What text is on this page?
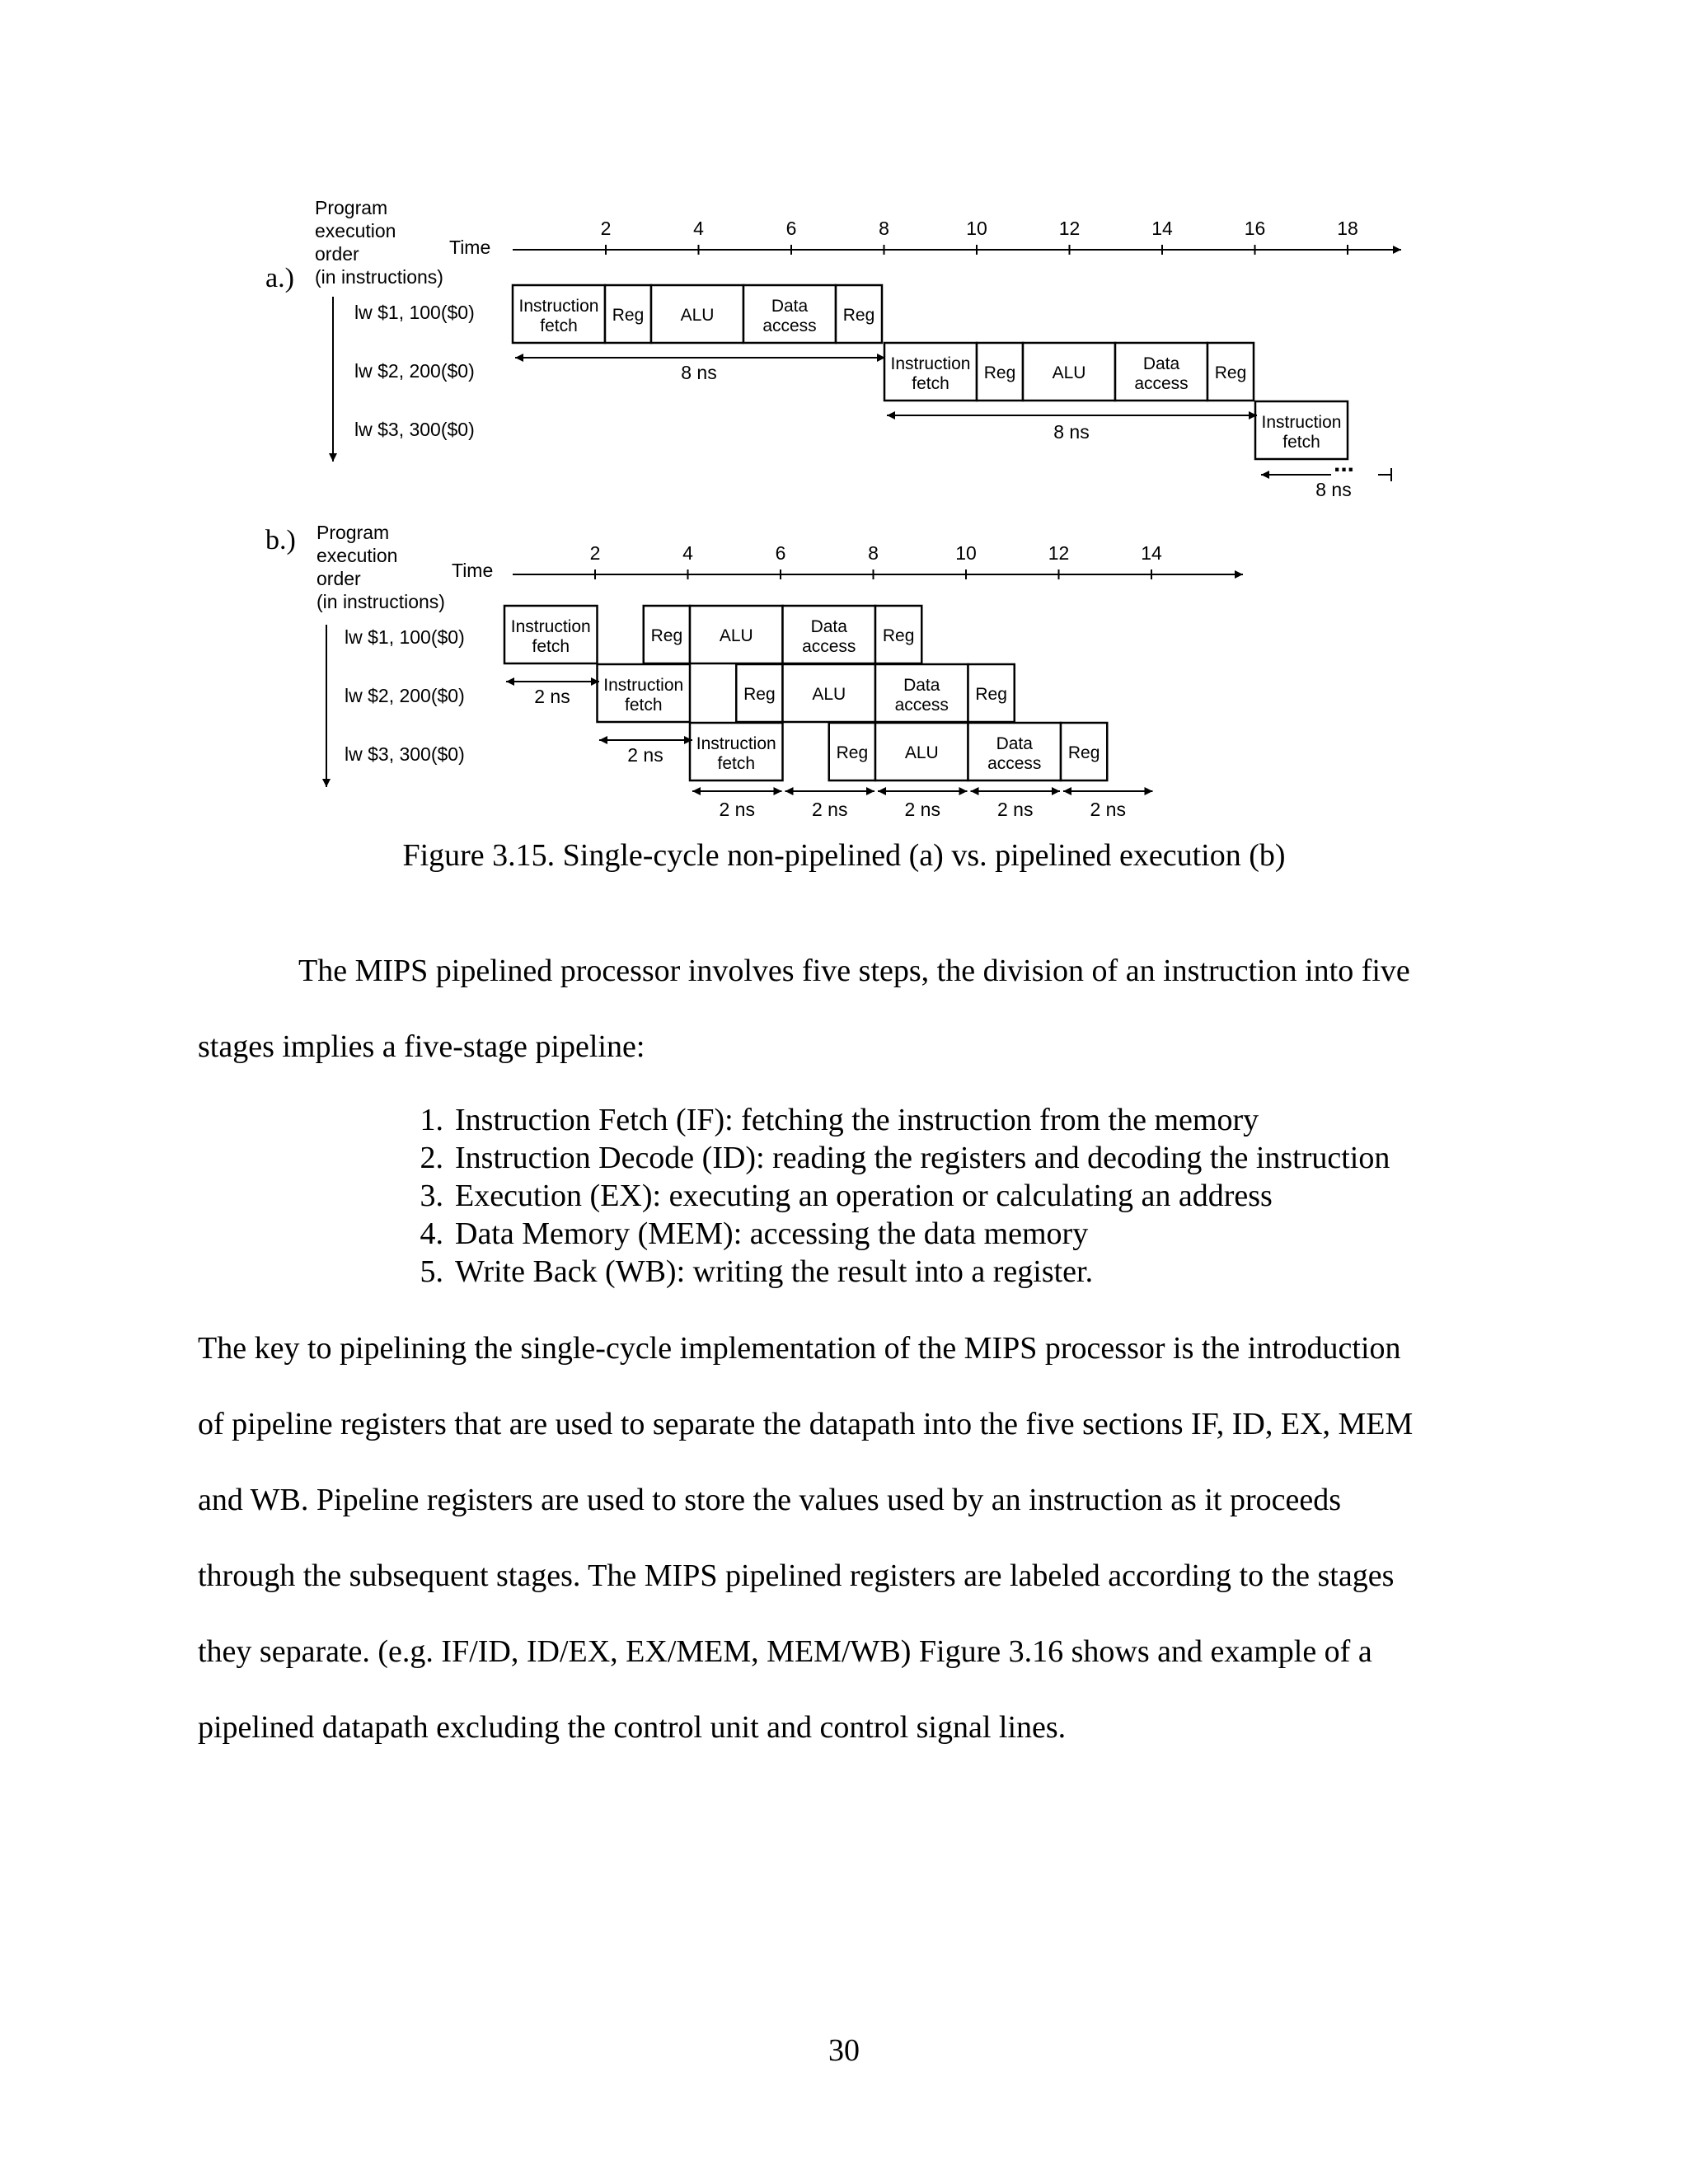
a.)
Program
execution
order
(in instructions)
Time
2	4	6	8	10	12	14	16	18
lw $1, 100($0)
lw $2, 200($0)
lw $3, 300($0)
Instruction
fetch
Reg ALU	Data
access
Reg
Instruction
fetch
Reg ALU	Data
access
Reg
Instruction
fetch
8 ns
8 ns
...
8 ns
b.) Program
execution
order
(in instructions)
Time
2	4	6	8	10	12	14
lw $1, 100($0)
lw $2, 200($0)
lw $3, 300($0)
Instruction
fetch
Reg ALU	Data
access
Reg
Instruction
fetch
Reg ALU	Data
access
Reg
Instruction
fetch
Reg ALU	Data
access
Reg
2 ns
2 ns
2 ns	2 ns	2 ns	2 ns	2 ns
Figure 3.15. Single-cycle non-pipelined (a) vs. pipelined execution (b)
The MIPS pipelined processor involves five steps, the division of an instruction into five
stages implies a five-stage pipeline:
1. Instruction Fetch (IF): fetching the instruction from the memory
2. Instruction Decode (ID): reading the registers and decoding the instruction
3. Execution (EX): executing an operation or calculating an address
4. Data Memory (MEM): accessing the data memory
5. Write Back (WB): writing the result into a register.
The key to pipelining the single-cycle implementation of the MIPS processor is the introduction
of pipeline registers that are used to separate the datapath into the five sections IF, ID, EX, MEM
and WB. Pipeline registers are used to store the values used by an instruction as it proceeds
through the subsequent stages. The MIPS pipelined registers are labeled according to the stages
they separate. (e.g. IF/ID, ID/EX, EX/MEM, MEM/WB) Figure 3.16 shows and example of a
pipelined datapath excluding the control unit and control signal lines.
30
